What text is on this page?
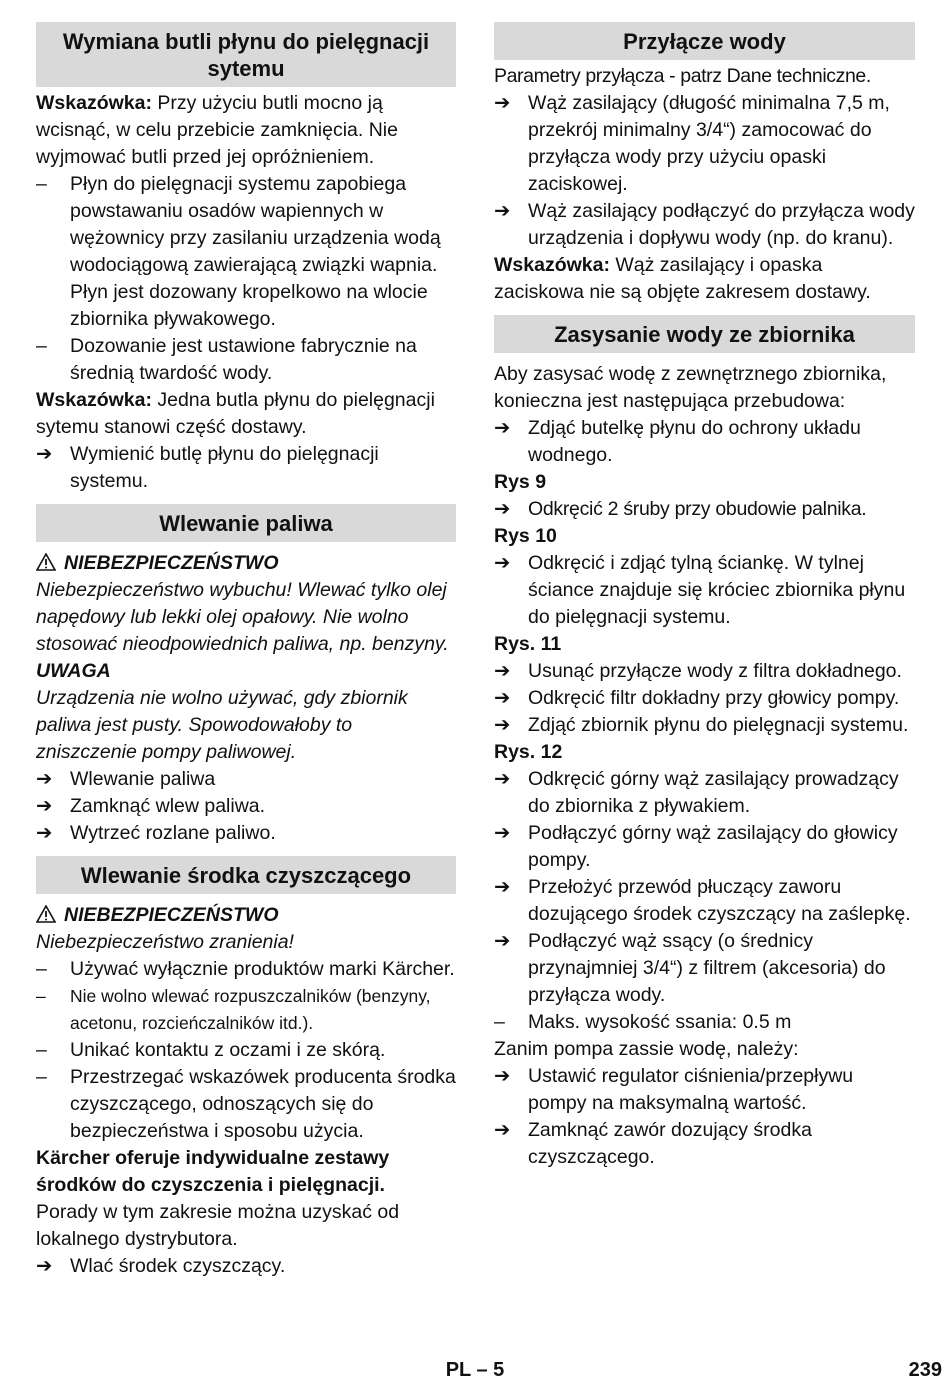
Wymiana butli płynu do pielęgnacji sytemu

Wskazówka: Przy użyciu butli mocno ją wcisnąć, w celu przebicie zamknięcia. Nie wyjmować butli przed jej opróżnieniem.

–	Płyn do pielęgnacji systemu zapobiega powstawaniu osadów wapiennych w wężownicy przy zasilaniu urządzenia wodą wodociągową zawierającą związki wapnia. Płyn jest dozowany kropelkowo na wlocie zbiornika pływakowego.
–	Dozowanie jest ustawione fabrycznie na średnią twardość wody.

Wskazówka: Jedna butla płynu do pielęgnacji sytemu stanowi część dostawy.

➔ Wymienić butlę płynu do pielęgnacji systemu.
Wlewanie paliwa
NIEBEZPIECZEŃSTWO

Niebezpieczeństwo wybuchu! Wlewać tylko olej napędowy lub lekki olej opałowy. Nie wolno stosować nieodpowiednich paliwa, np. benzyny.

UWAGA

Urządzenia nie wolno używać, gdy zbiornik paliwa jest pusty. Spowodowałoby to zniszczenie pompy paliwowej.

➔ Wlewanie paliwa
➔ Zamknąć wlew paliwa.
➔ Wytrzeć rozlane paliwo.
Wlewanie środka czyszczącego
NIEBEZPIECZEŃSTWO

Niebezpieczeństwo zranienia!

–	Używać wyłącznie produktów marki Kärcher.
–	Nie wolno wlewać rozpuszczalników (benzyny, acetonu, rozcieńczalników itd.).
–	Unikać kontaktu z oczami i ze skórą.
–	Przestrzegać wskazówek producenta środka czyszczącego, odnoszących się do bezpieczeństwa i sposobu użycia.

Kärcher oferuje indywidualne zestawy środków do czyszczenia i pielęgnacji.

Porady w tym zakresie można uzyskać od lokalnego dystrybutora.

➔ Wlać środek czyszczący.
Przyłącze wody

Parametry przyłącza - patrz Dane techniczne.

➔ Wąż zasilający (długość minimalna 7,5 m, przekrój minimalny 3/4“) zamocować do przyłącza wody przy użyciu opaski zaciskowej.
➔ Wąż zasilający podłączyć do przyłącza wody urządzenia i dopływu wody (np. do kranu).

Wskazówka: Wąż zasilający i opaska zaciskowa nie są objęte zakresem dostawy.

Zasysanie wody ze zbiornika

Aby zasysać wodę z zewnętrznego zbiornika, konieczna jest następująca przebudowa:

➔ Zdjąć butelkę płynu do ochrony układu wodnego.

Rys 9

➔ Odkręcić 2 śruby przy obudowie palnika.

Rys 10

➔ Odkręcić i zdjąć tylną ściankę. W tylnej ściance znajduje się króciec zbiornika płynu do pielęgnacji systemu.

Rys. 11

➔ Usunąć przyłącze wody z filtra dokładnego.
➔ Odkręcić filtr dokładny przy głowicy pompy.
➔ Zdjąć zbiornik płynu do pielęgnacji systemu.

Rys. 12

➔ Odkręcić górny wąż zasilający prowadzący do zbiornika z pływakiem.
➔ Podłączyć górny wąż zasilający do głowicy pompy.
➔ Przełożyć przewód płuczący zaworu dozującego środek czyszczący na zaślepkę.
➔ Podłączyć wąż ssący (o średnicy przynajmniej 3/4“) z filtrem (akcesoria) do przyłącza wody.
–	Maks. wysokość ssania: 0.5 m

Zanim pompa zassie wodę, należy:

➔ Ustawić regulator ciśnienia/przepływu pompy na maksymalną wartość.
➔ Zamknąć zawór dozujący środka czyszczącego.
PL – 5	239
